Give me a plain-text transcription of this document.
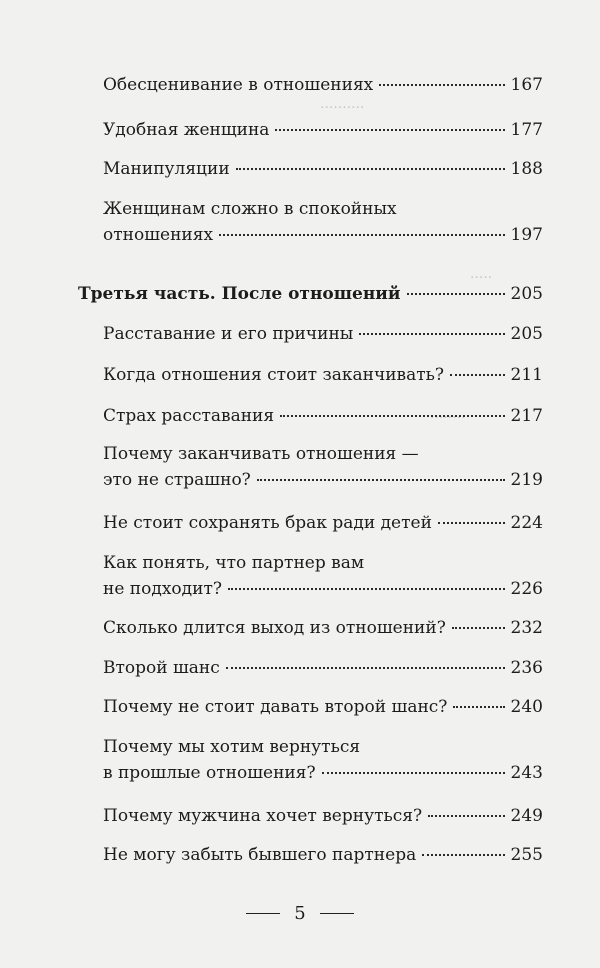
··········
·····
········
Обесценивание в отношениях	167
Удобная женщина	177
Манипуляции	188
Женщинам сложно в спокойных
отношениях	197
Третья часть. После отношений	205
Расставание и его причины	205
Когда отношения стоит заканчивать?	211
Страх расставания	217
Почему заканчивать отношения —
это не страшно?	219
Не стоит сохранять брак ради детей	224
Как понять, что партнер вам
не подходит?	226
Сколько длится выход из отношений?	232
Второй шанс	236
Почему не стоит давать второй шанс?	240
Почему мы хотим вернуться
в прошлые отношения?	243
Почему мужчина хочет вернуться?	249
Не могу забыть бывшего партнера	255
5
